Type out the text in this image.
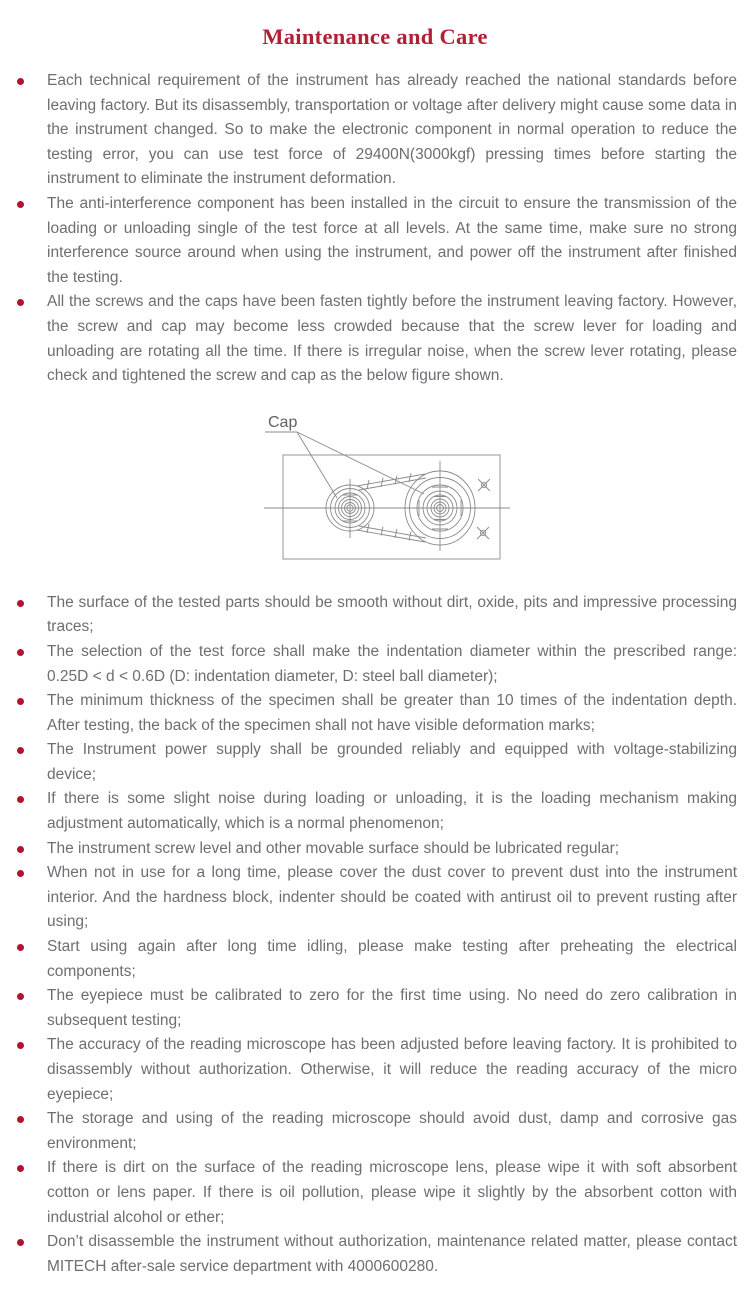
Maintenance and Care
Each technical requirement of the instrument has already reached the national standards before leaving factory. But its disassembly, transportation or voltage after delivery might cause some data in the instrument changed. So to make the electronic component in normal operation to reduce the testing error, you can use test force of 29400N(3000kgf) pressing times before starting the instrument to eliminate the instrument deformation.
The anti-interference component has been installed in the circuit to ensure the transmission of the loading or unloading single of the test force at all levels. At the same time, make sure no strong interference source around when using the instrument, and power off the instrument after finished the testing.
All the screws and the caps have been fasten tightly before the instrument leaving factory. However, the screw and cap may become less crowded because that the screw lever for loading and unloading are rotating all the time. If there is irregular noise, when the screw lever rotating, please check and tightened the screw and cap as the below figure shown.
Cap
The surface of the tested parts should be smooth without dirt, oxide, pits and impressive processing traces;
The selection of the test force shall make the indentation diameter within the prescribed range: 0.25D < d < 0.6D (D: indentation diameter, D: steel ball diameter);
The minimum thickness of the specimen shall be greater than 10 times of the indentation depth. After testing, the back of the specimen shall not have visible deformation marks;
The Instrument power supply shall be grounded reliably and equipped with voltage-stabilizing device;
If there is some slight noise during loading or unloading, it is the loading mechanism making adjustment automatically, which is a normal phenomenon;
The instrument screw level and other movable surface should be lubricated regular;
When not in use for a long time, please cover the dust cover to prevent dust into the instrument interior. And the hardness block, indenter should be coated with antirust oil to prevent rusting after using;
Start using again after long time idling, please make testing after preheating the electrical components;
The eyepiece must be calibrated to zero for the first time using. No need do zero calibration in subsequent testing;
The accuracy of the reading microscope has been adjusted before leaving factory. It is prohibited to disassembly without authorization. Otherwise, it will reduce the reading accuracy of the micro eyepiece;
The storage and using of the reading microscope should avoid dust, damp and corrosive gas environment;
If there is dirt on the surface of the reading microscope lens, please wipe it with soft absorbent cotton or lens paper. If there is oil pollution, please wipe it slightly by the absorbent cotton with industrial alcohol or ether;
Don’t disassemble the instrument without authorization, maintenance related matter, please contact MITECH after-sale service department with 4000600280.
